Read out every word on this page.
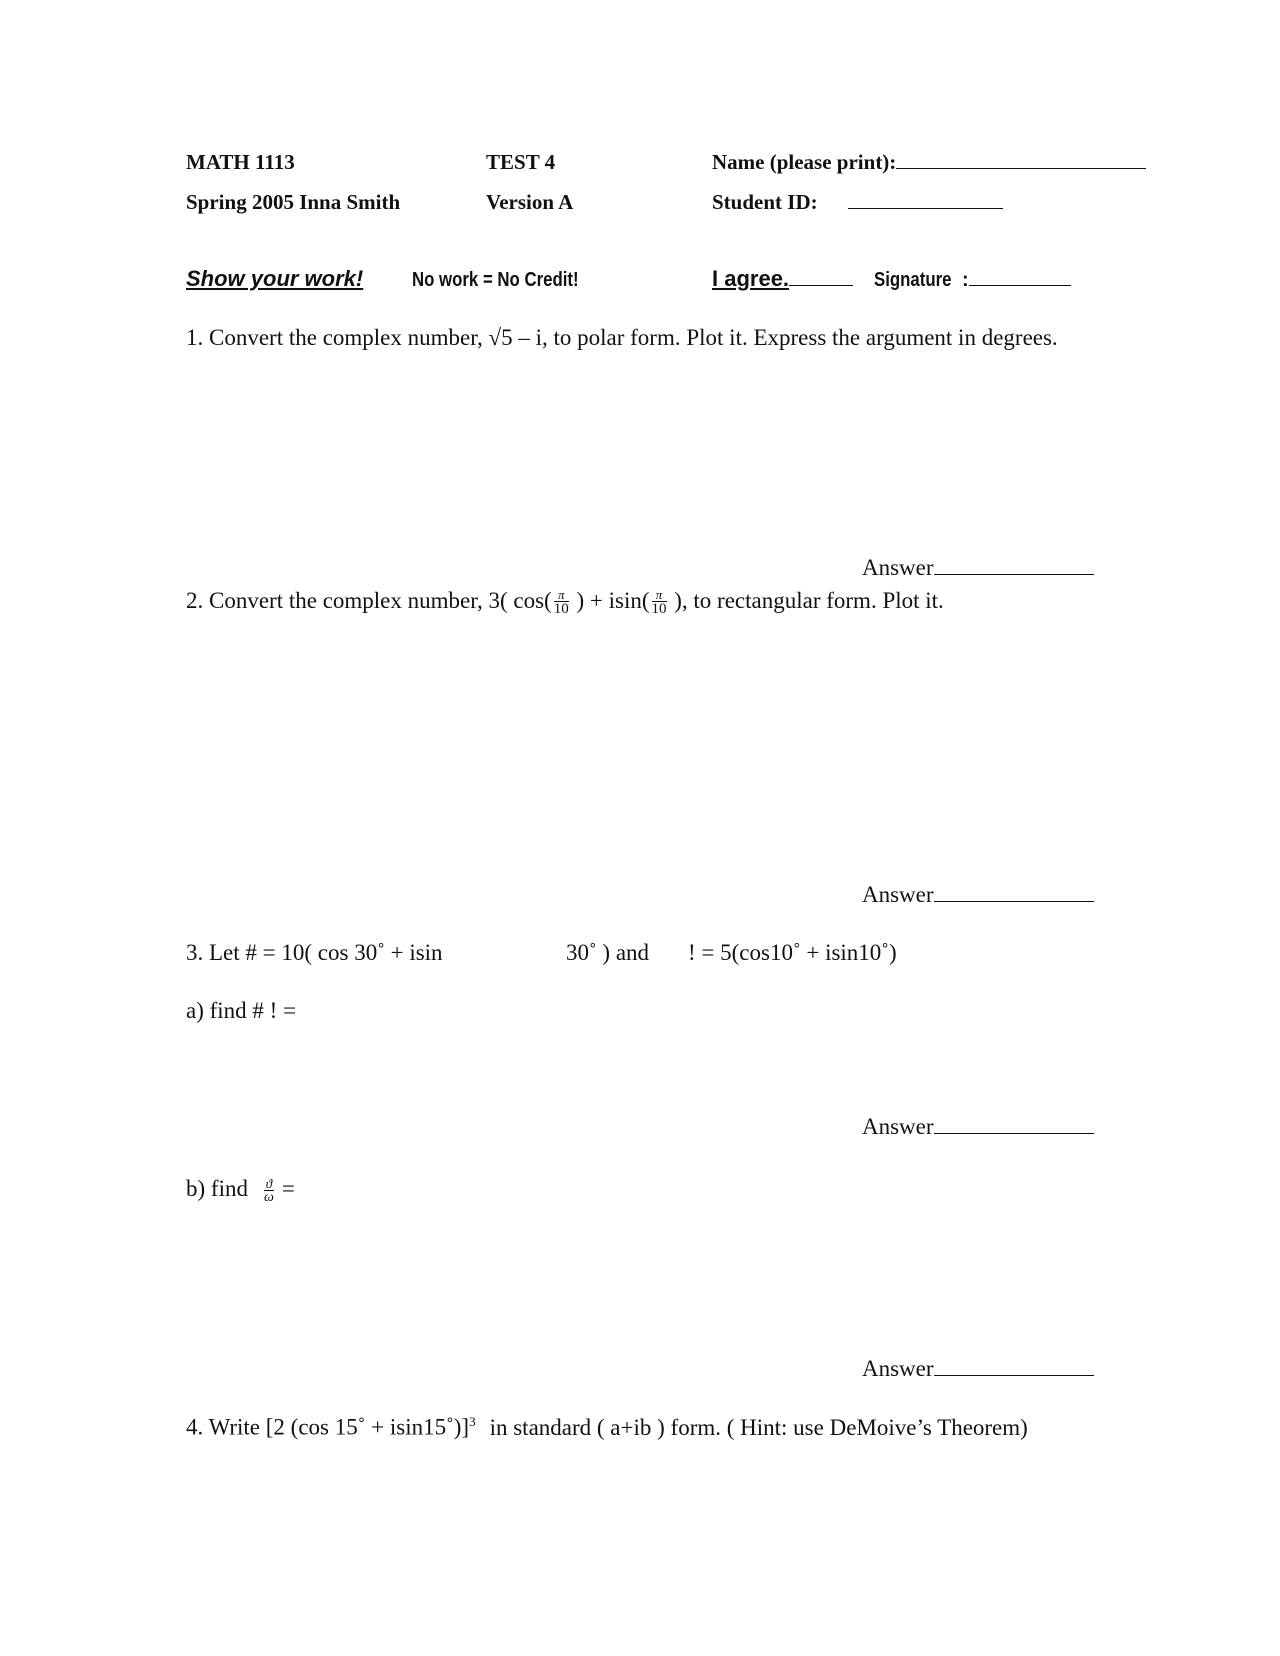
MATH 1113	TEST 4	Name (please print):
Spring 2005 Inna Smith	Version A	Student ID:
Show your work! No work = No Credit!	I agree.	Signature :
1. Convert the complex number, √5 – i, to polar form. Plot it. Express the argument in degrees.
Answer
2. Convert the complex number, 3( $\cos( \frac{\pi}{10}$ ) + $isin( \frac{\pi}{10}$ ), to rectangular form. Plot it.
Answer
3. Let # = 10( cos 30˚ + isin	30˚ ) and ! = 5(cos10˚ + isin10˚)
a) find # ! =
Answer
b) find $\frac{ϑ}{\omega}$ =
Answer
4. Write [2 (cos 15˚ + isin15˚)]$^3$ in standard ( a+ib ) form. ( Hint: use DeMoive’s Theorem)
